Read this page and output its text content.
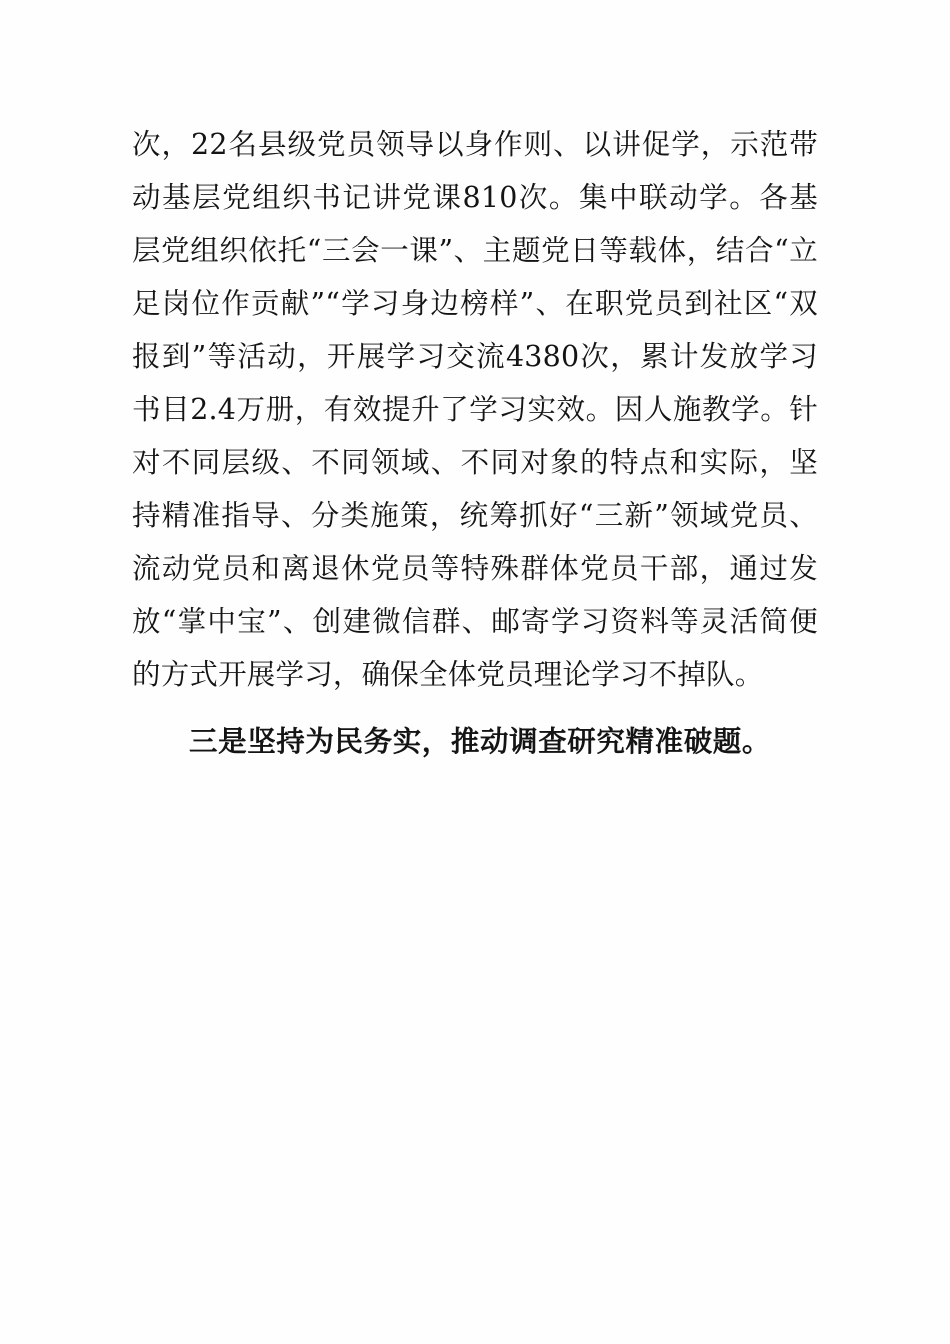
次，22名县级党员领导以身作则、以讲促学，示范带动基层党组织书记讲党课810次。集中联动学。各基层党组织依托“三会一课”、主题党日等载体，结合“立足岗位作贡献”“学习身边榜样”、在职党员到社区“双报到”等活动，开展学习交流4380次，累计发放学习书目2.4万册，有效提升了学习实效。因人施教学。针对不同层级、不同领域、不同对象的特点和实际，坚持精准指导、分类施策，统筹抓好“三新”领域党员、流动党员和离退休党员等特殊群体党员干部，通过发放“掌中宝”、创建微信群、邮寄学习资料等灵活简便的方式开展学习，确保全体党员理论学习不掉队。

三是坚持为民务实，推动调查研究精准破题。
